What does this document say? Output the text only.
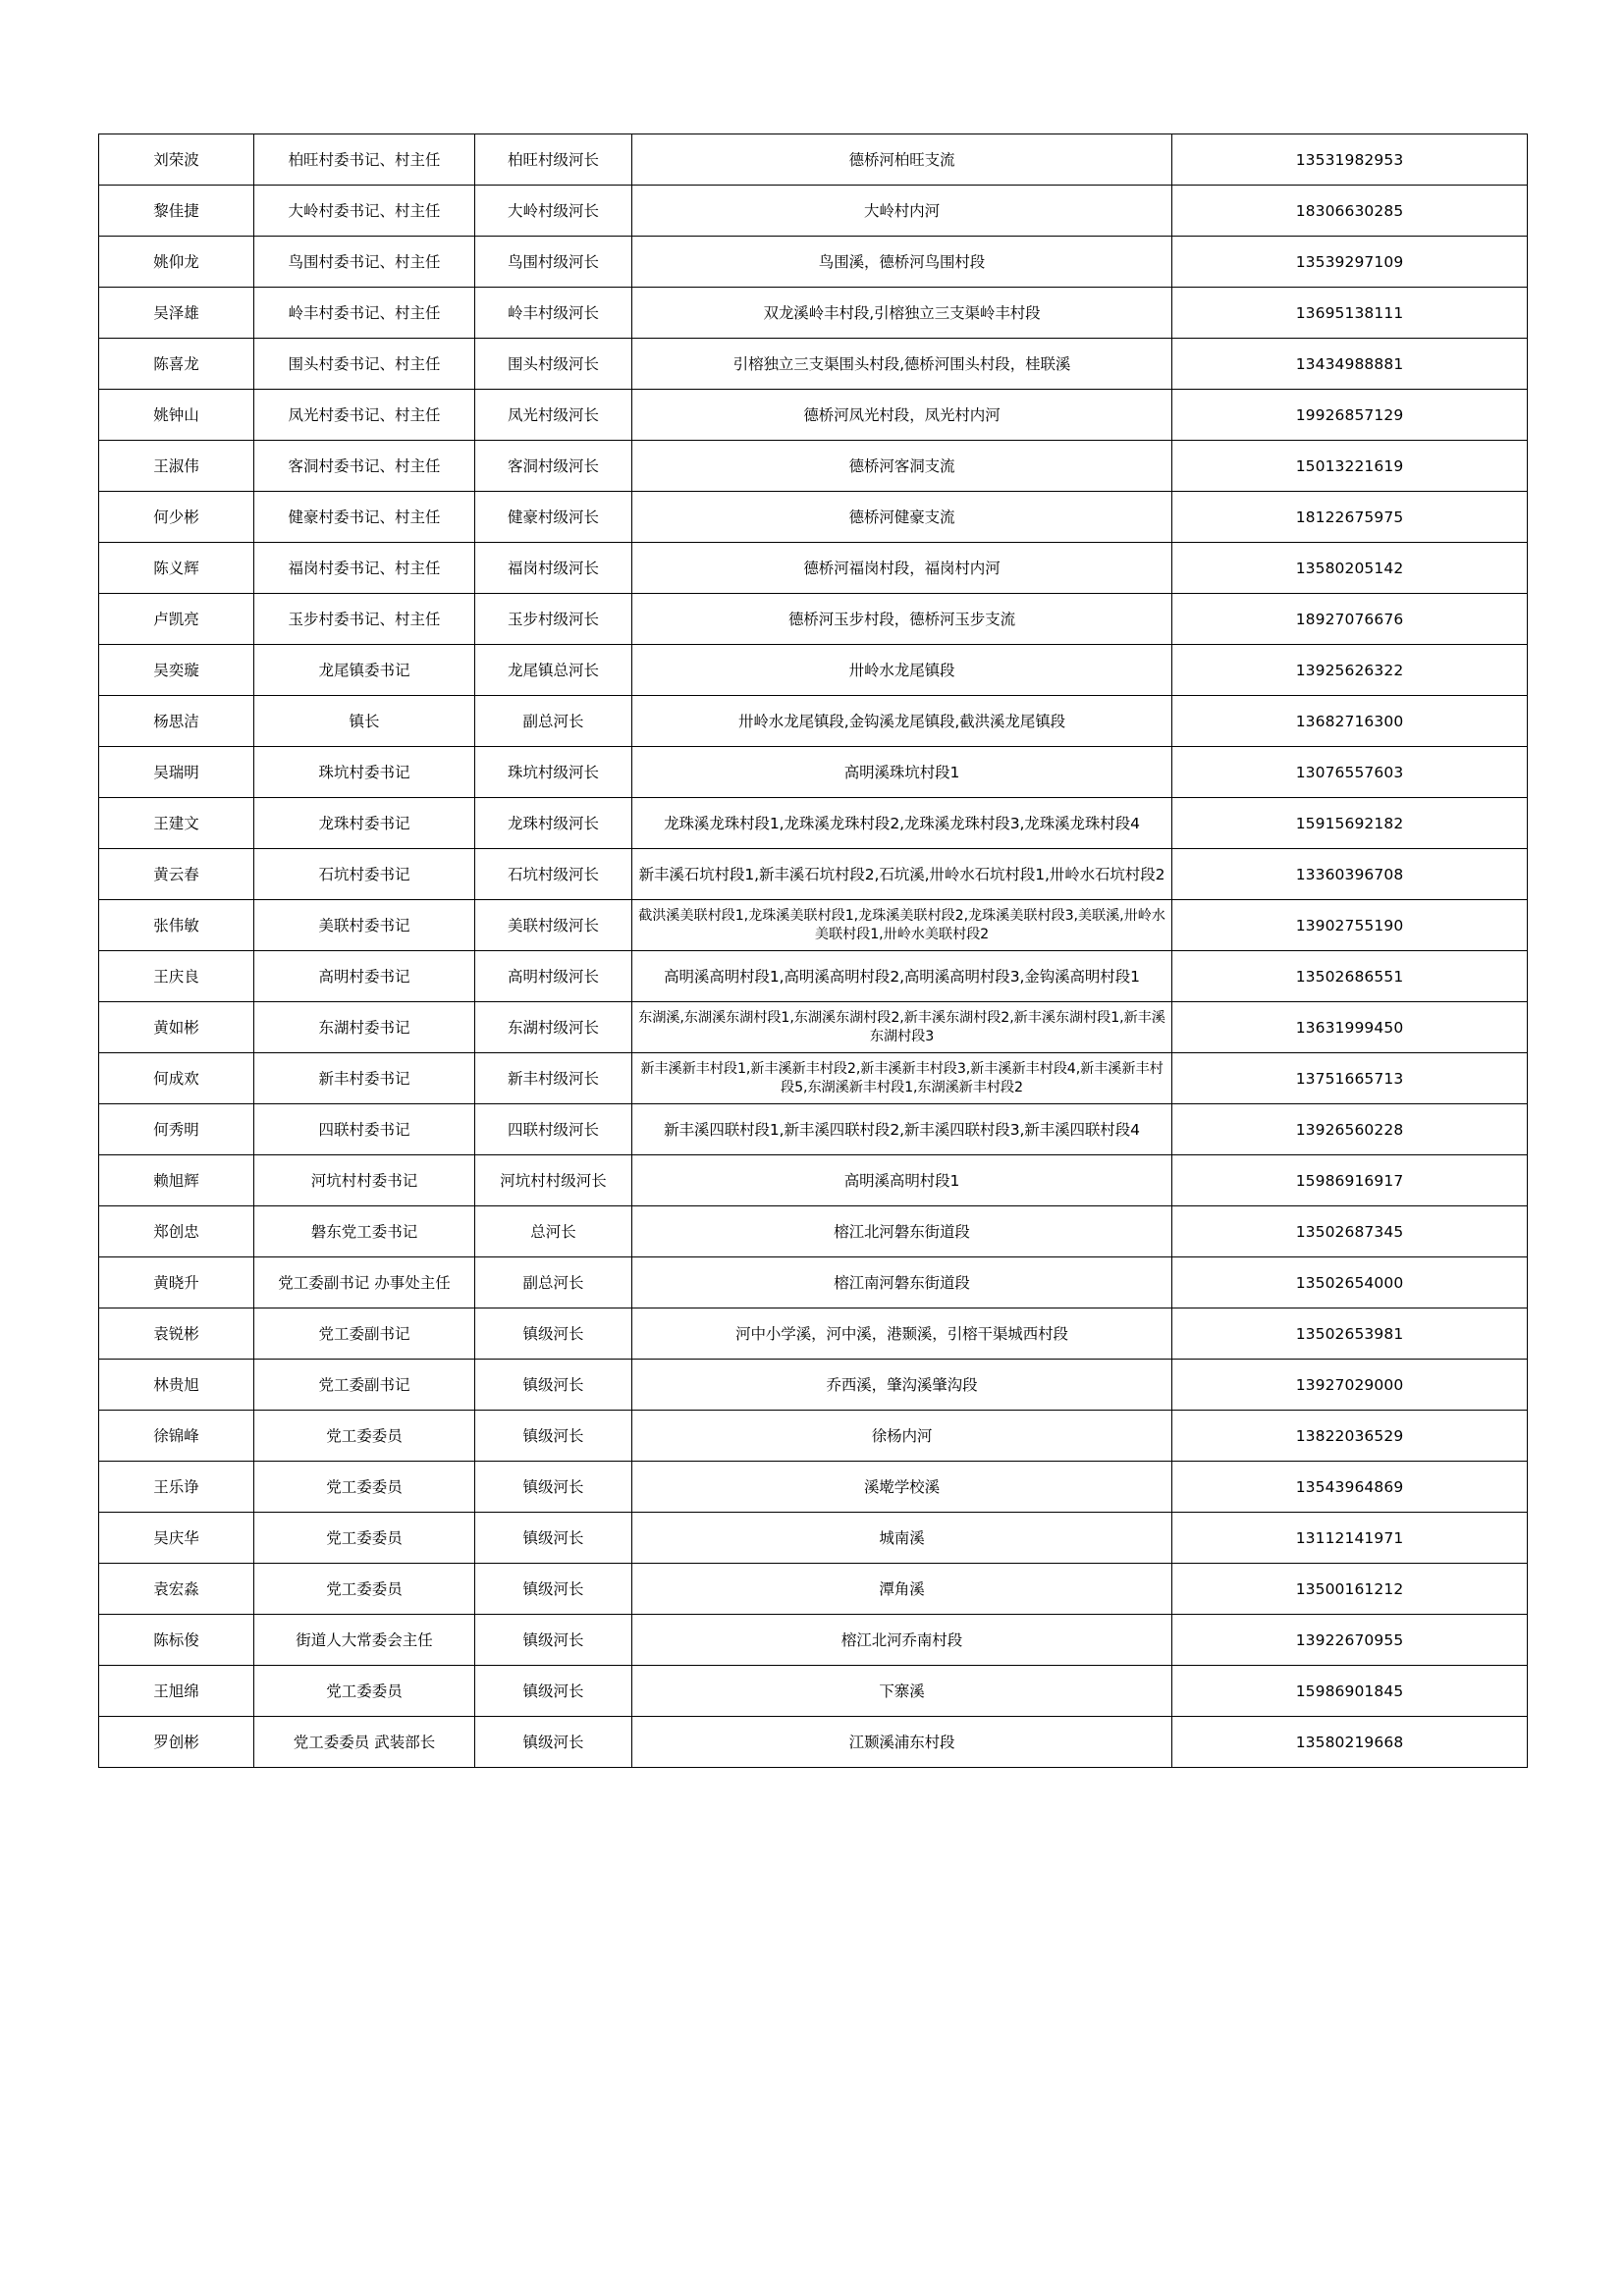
刘荣波	柏旺村委书记、村主任	柏旺村级河长	德桥河柏旺支流	13531982953
黎佳捷	大岭村委书记、村主任	大岭村级河长	大岭村内河	18306630285
姚仰龙	鸟围村委书记、村主任	鸟围村级河长	鸟围溪，德桥河鸟围村段	13539297109
吴泽雄	岭丰村委书记、村主任	岭丰村级河长	双龙溪岭丰村段,引榕独立三支渠岭丰村段	13695138111
陈喜龙	围头村委书记、村主任	围头村级河长	引榕独立三支渠围头村段,德桥河围头村段，桂联溪	13434988881
姚钟山	凤光村委书记、村主任	凤光村级河长	德桥河凤光村段，凤光村内河	19926857129
王淑伟	客洞村委书记、村主任	客洞村级河长	德桥河客洞支流	15013221619
何少彬	健豪村委书记、村主任	健豪村级河长	德桥河健豪支流	18122675975
陈义辉	福岗村委书记、村主任	福岗村级河长	德桥河福岗村段，福岗村内河	13580205142
卢凯亮	玉步村委书记、村主任	玉步村级河长	德桥河玉步村段，德桥河玉步支流	18927076676
吴奕璇	龙尾镇委书记	龙尾镇总河长	卅岭水龙尾镇段	13925626322
杨思洁	镇长	副总河长	卅岭水龙尾镇段,金钩溪龙尾镇段,截洪溪龙尾镇段	13682716300
吴瑞明	珠坑村委书记	珠坑村级河长	高明溪珠坑村段1	13076557603
王建文	龙珠村委书记	龙珠村级河长	龙珠溪龙珠村段1,龙珠溪龙珠村段2,龙珠溪龙珠村段3,龙珠溪龙珠村段4	15915692182
黄云春	石坑村委书记	石坑村级河长	新丰溪石坑村段1,新丰溪石坑村段2,石坑溪,卅岭水石坑村段1,卅岭水石坑村段2	13360396708
张伟敏	美联村委书记	美联村级河长	截洪溪美联村段1,龙珠溪美联村段1,龙珠溪美联村段2,龙珠溪美联村段3,美联溪,卅岭水美联村段1,卅岭水美联村段2	13902755190
王庆良	高明村委书记	高明村级河长	高明溪高明村段1,高明溪高明村段2,高明溪高明村段3,金钩溪高明村段1	13502686551
黄如彬	东湖村委书记	东湖村级河长	东湖溪,东湖溪东湖村段1,东湖溪东湖村段2,新丰溪东湖村段2,新丰溪东湖村段1,新丰溪东湖村段3	13631999450
何成欢	新丰村委书记	新丰村级河长	新丰溪新丰村段1,新丰溪新丰村段2,新丰溪新丰村段3,新丰溪新丰村段4,新丰溪新丰村段5,东湖溪新丰村段1,东湖溪新丰村段2	13751665713
何秀明	四联村委书记	四联村级河长	新丰溪四联村段1,新丰溪四联村段2,新丰溪四联村段3,新丰溪四联村段4	13926560228
赖旭辉	河坑村村委书记	河坑村村级河长	高明溪高明村段1	15986916917
郑创忠	磐东党工委书记	总河长	榕江北河磐东街道段	13502687345
黄晓升	党工委副书记 办事处主任	副总河长	榕江南河磐东街道段	13502654000
袁锐彬	党工委副书记	镇级河长	河中小学溪，河中溪，港颞溪，引榕干渠城西村段	13502653981
林贵旭	党工委副书记	镇级河长	乔西溪，肇沟溪肇沟段	13927029000
徐锦峰	党工委委员	镇级河长	徐杨内河	13822036529
王乐诤	党工委委员	镇级河长	溪墘学校溪	13543964869
吴庆华	党工委委员	镇级河长	城南溪	13112141971
袁宏淼	党工委委员	镇级河长	潭角溪	13500161212
陈标俊	街道人大常委会主任	镇级河长	榕江北河乔南村段	13922670955
王旭绵	党工委委员	镇级河长	下寨溪	15986901845
罗创彬	党工委委员 武装部长	镇级河长	江颞溪浦东村段	13580219668
